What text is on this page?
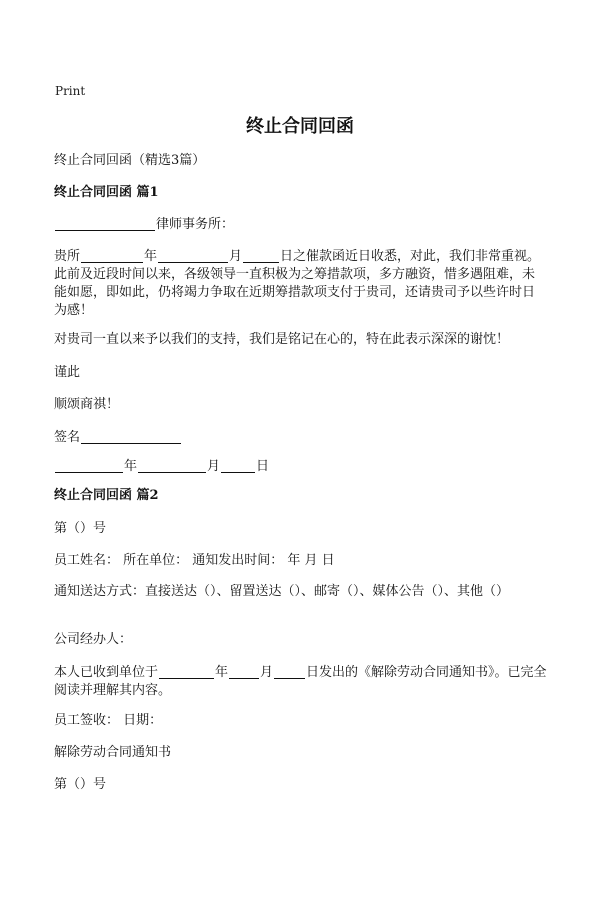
Print
终止合同回函
终止合同回函（精选3篇）
终止合同回函 篇1
律师事务所：
贵所	年	月	日之催款函近日收悉，对此，我们非常重视。此前及近段时间以来，各级领导一直积极为之筹措款项，多方融资，惜多遇阻难，未能如愿，即如此，仍将竭力争取在近期筹措款项支付于贵司，还请贵司予以些许时日为感！
对贵司一直以来予以我们的支持，我们是铭记在心的，特在此表示深深的谢忱！
谨此
顺颂商祺！
签名
年	月	日
终止合同回函 篇2
第（）号
员工姓名： 所在单位： 通知发出时间： 年 月 日
通知送达方式：直接送达（）、留置送达（）、邮寄（）、媒体公告（）、其他（）
公司经办人：
本人已收到单位于	年 月	日发出的《解除劳动合同通知书》。已完全阅读并理解其内容。
员工签收： 日期：
解除劳动合同通知书
第（）号
